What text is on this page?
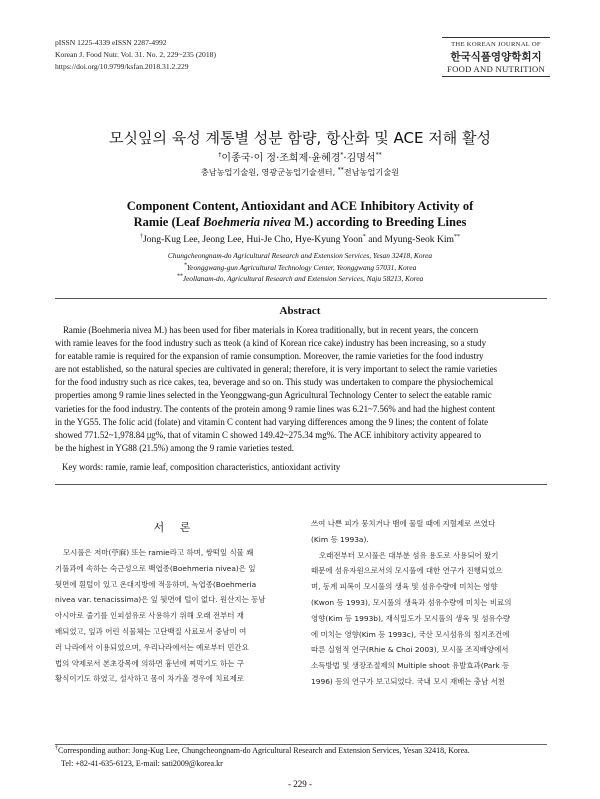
pISSN 1225-4339 eISSN 2287-4992
Korean J. Food Nutr. Vol. 31. No. 2, 229~235 (2018)
https://doi.org/10.9799/ksfan.2018.31.2.229
THE KOREAN JOURNAL OF
한국식품영양학회지
FOOD AND NUTRITION
모싯잎의 육성 계통별 성분 함량, 항산화 및 ACE 저해 활성
†이종국·이 정·조희제·윤혜경*·김명석**
충남농업기술원, 영광군농업기술센터, **전남농업기술원
Component Content, Antioxidant and ACE Inhibitory Activity of
Ramie (Leaf Boehmeria nivea M.) according to Breeding Lines
†Jong-Kug Lee, Jeong Lee, Hui-Je Cho, Hye-Kyung Yoon* and Myung-Seok Kim**
Chungcheongnam-do Agricultural Research and Extension Services, Yesan 32418, Korea
*Yeonggwang-gun Agricultural Technology Center, Yeonggwang 57031, Korea
**Jeollanam-do, Agricultural Research and Extension Services, Naju 58213, Korea
Abstract
Ramie (Boehmeria nivea M.) has been used for fiber materials in Korea traditionally, but in recent years, the concern
with ramie leaves for the food industry such as tteok (a kind of Korean rice cake) industry has been increasing, so a study
for eatable ramie is required for the expansion of ramie consumption. Moreover, the ramie varieties for the food industry
are not established, so the natural species are cultivated in general; therefore, it is very important to select the ramie varieties
for the food industry such as rice cakes, tea, beverage and so on. This study was undertaken to compare the physiochemical
properties among 9 ramie lines selected in the Yeonggwang-gun Agricultural Technology Center to select the eatable ramic
varieties for the food industry. The contents of the protein among 9 ramie lines was 6.21~7.56% and had the highest content
in the YG55. The folic acid (folate) and vitamin C content had varying differences among the 9 lines; the content of folate
showed 771.52~1,978.84 ㎍%, that of vitamin C showed 149.42~275.34 mg%. The ACE inhibitory activity appeared to
be the highest in YG88 (21.5%) among the 9 ramie varieties tested.
Key words: ramie, ramie leaf, composition characteristics, antioxidant activity
서 론
모시풀은 저마(苧麻) 또는 ramie라고 하며, 쌍떡잎 식물 쐐
기풀과에 속하는 숙근성으로 백엽종(Boehmeria nivea)은 잎
뒷면에 흰털이 있고 온대지방에 적응하며, 녹엽종(Boehmeria
nivea var. tenacissima)은 잎 뒷면에 털이 없다. 원산지는 동남
아시아로 줄기를 인피섬유로 사용하기 위해 오래 전부터 재
배되었고, 잎과 어린 식물체는 고단백질 사료로서 중남미 여
러 나라에서 이용되었으며, 우리나라에서는 예로부터 민간요
법의 약제로서 본초강목에 의하면 흉년에 찌먹기도 하는 구
황식이기도 하였고, 설사하고 몸이 차가울 경우에 치료제로
쓰여 나쁜 피가 뭉치거나 뱀에 물릴 때에 지혈제로 쓰였다
(Kim 등 1993a).
오래전부터 모시풀은 대부분 섬유 용도로 사용되어 왔기
때문에 섬유자원으로서의 모시풀에 대한 연구가 진행되었으
며, 동계 피복이 모시풀의 생육 및 섬유수량에 미치는 영향
(Kwon 등 1993), 모시풀의 생육과 섬유수량에 미치는 비료의
영향(Kim 등 1993b), 재식밀도가 모시풀의 생육 및 섬유수량
에 미치는 영향(Kim 등 1993c), 국산 모시섬유의 침지조건에
따른 실험적 연구(Rhie & Choi 2003), 모시풀 조직배양에서
소득방법 및 생장조절제의 Multiple shoot 유발효과(Park 등
1996) 등의 연구가 보고되었다. 국내 모시 재배는 충남 서천
†Corresponding author: Jong-Kug Lee, Chungcheongnam-do Agricultural Research and Extension Services, Yesan 32418, Korea.
Tel: +82-41-635-6123, E-mail: sati2009@korea.kr
- 229 -
